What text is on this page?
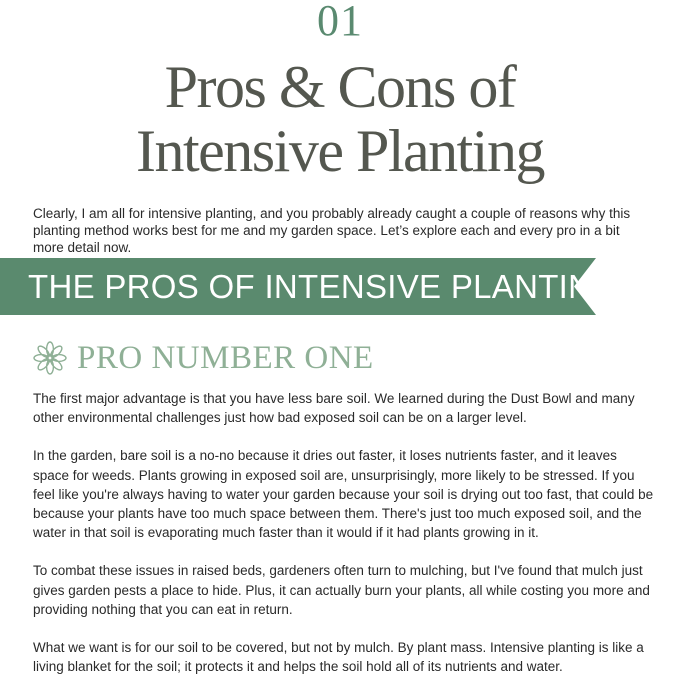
01
Pros & Cons of
Intensive Planting
Clearly, I am all for intensive planting, and you probably already caught a couple of reasons why this planting method works best for me and my garden space. Let’s explore each and every pro in a bit more detail now.
THE PROS OF INTENSIVE PLANTING
PRO NUMBER ONE

The first major advantage is that you have less bare soil. We learned during the Dust Bowl and many other environmental challenges just how bad exposed soil can be on a larger level.

In the garden, bare soil is a no-no because it dries out faster, it loses nutrients faster, and it leaves space for weeds. Plants growing in exposed soil are, unsurprisingly, more likely to be stressed. If you feel like you're always having to water your garden because your soil is drying out too fast, that could be because your plants have too much space between them. There's just too much exposed soil, and the water in that soil is evaporating much faster than it would if it had plants growing in it.

To combat these issues in raised beds, gardeners often turn to mulching, but I've found that mulch just gives garden pests a place to hide. Plus, it can actually burn your plants, all while costing you more and providing nothing that you can eat in return.

What we want is for our soil to be covered, but not by mulch. By plant mass. Intensive planting is like a living blanket for the soil; it protects it and helps the soil hold all of its nutrients and water.
